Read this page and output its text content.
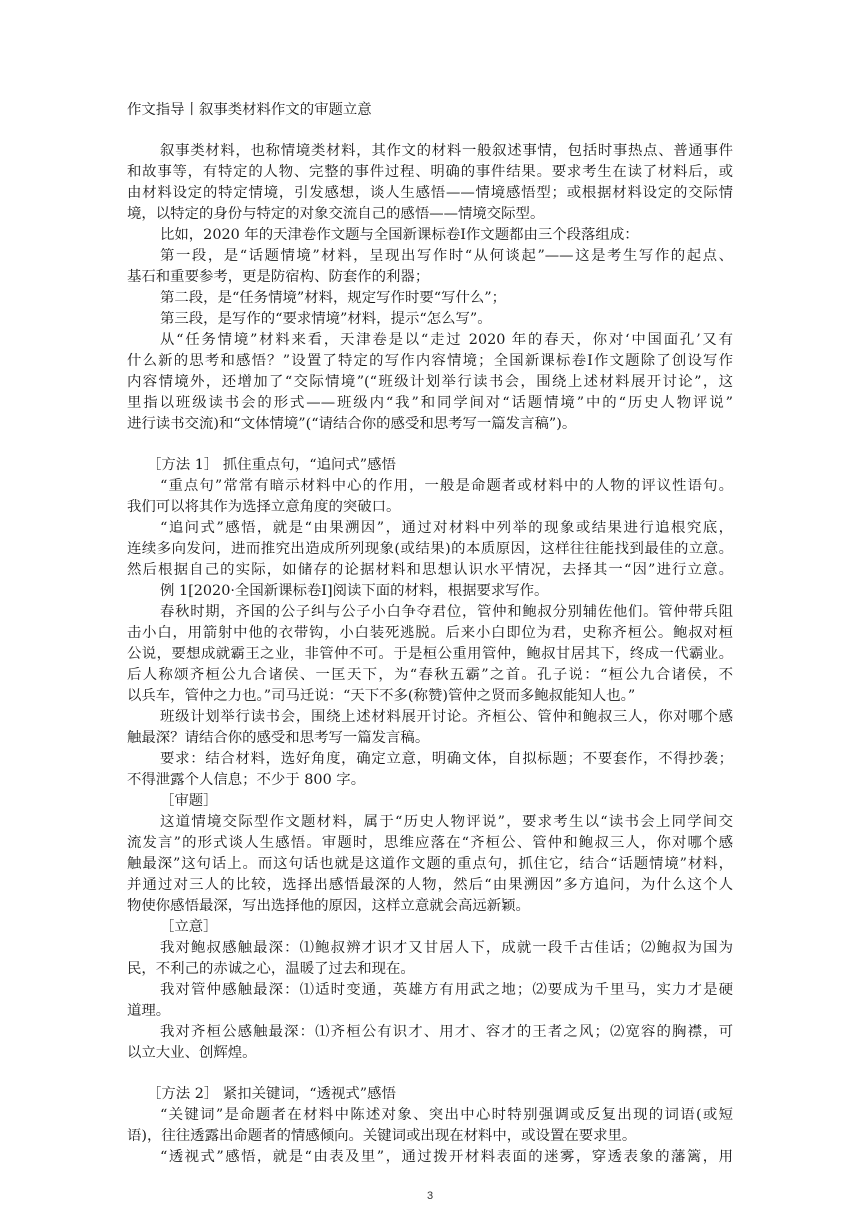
作文指导丨叙事类材料作文的审题立意
叙事类材料，也称情境类材料，其作文的材料一般叙述事情，包括时事热点、普通事件
和故事等，有特定的人物、完整的事件过程、明确的事件结果。要求考生在读了材料后，或
由材料设定的特定情境，引发感想，谈人生感悟——情境感悟型；或根据材料设定的交际情
境，以特定的身份与特定的对象交流自己的感悟——情境交际型。
比如，2020 年的天津卷作文题与全国新课标卷Ⅰ作文题都由三个段落组成：
第一段，是“话题情境”材料，呈现出写作时“从何谈起”——这是考生写作的起点、
基石和重要参考，更是防宿构、防套作的利器；
第二段，是“任务情境”材料，规定写作时要“写什么”；
第三段，是写作的“要求情境”材料，提示“怎么写”。
从“任务情境”材料来看，天津卷是以“走过 2020 年的春天，你对‘中国面孔’又有
什么新的思考和感悟？”设置了特定的写作内容情境；全国新课标卷Ⅰ作文题除了创设写作
内容情境外，还增加了“交际情境”(“班级计划举行读书会，围绕上述材料展开讨论”，这
里指以班级读书会的形式——班级内“我”和同学间对“话题情境”中的“历史人物评说”
进行读书交流)和“文体情境”(“请结合你的感受和思考写一篇发言稿”)。
［方法 1］ 抓住重点句，“追问式”感悟
“重点句”常常有暗示材料中心的作用，一般是命题者或材料中的人物的评议性语句。
我们可以将其作为选择立意角度的突破口。
“追问式”感悟，就是“由果溯因”，通过对材料中列举的现象或结果进行追根究底，
连续多向发问，进而推究出造成所列现象(或结果)的本质原因，这样往往能找到最佳的立意。
然后根据自己的实际，如储存的论据材料和思想认识水平情况，去择其一“因”进行立意。
例 1[2020·全国新课标卷Ⅰ]阅读下面的材料，根据要求写作。
春秋时期，齐国的公子纠与公子小白争夺君位，管仲和鲍叔分别辅佐他们。管仲带兵阻
击小白，用箭射中他的衣带钩，小白装死逃脱。后来小白即位为君，史称齐桓公。鲍叔对桓
公说，要想成就霸王之业，非管仲不可。于是桓公重用管仲，鲍叔甘居其下，终成一代霸业。
后人称颂齐桓公九合诸侯、一匡天下，为“春秋五霸”之首。孔子说：“桓公九合诸侯，不
以兵车，管仲之力也。”司马迁说：“天下不多(称赞)管仲之贤而多鲍叔能知人也。”
班级计划举行读书会，围绕上述材料展开讨论。齐桓公、管仲和鲍叔三人，你对哪个感
触最深？请结合你的感受和思考写一篇发言稿。
要求：结合材料，选好角度，确定立意，明确文体，自拟标题；不要套作，不得抄袭；
不得泄露个人信息；不少于 800 字。
［审题］
这道情境交际型作文题材料，属于“历史人物评说”，要求考生以“读书会上同学间交
流发言”的形式谈人生感悟。审题时，思维应落在“齐桓公、管仲和鲍叔三人，你对哪个感
触最深”这句话上。而这句话也就是这道作文题的重点句，抓住它，结合“话题情境”材料，
并通过对三人的比较，选择出感悟最深的人物，然后“由果溯因”多方追问，为什么这个人
物使你感悟最深，写出选择他的原因，这样立意就会高远新颖。
［立意］
我对鲍叔感触最深：⑴鲍叔辨才识才又甘居人下，成就一段千古佳话；⑵鲍叔为国为
民，不利己的赤诚之心，温暖了过去和现在。
我对管仲感触最深：⑴适时变通，英雄方有用武之地；⑵要成为千里马，实力才是硬
道理。
我对齐桓公感触最深：⑴齐桓公有识才、用才、容才的王者之风；⑵宽容的胸襟，可
以立大业、创辉煌。
［方法 2］ 紧扣关键词，“透视式”感悟
“关键词”是命题者在材料中陈述对象、突出中心时特别强调或反复出现的词语(或短
语)，往往透露出命题者的情感倾向。关键词或出现在材料中，或设置在要求里。
“透视式”感悟，就是“由表及里”，通过拨开材料表面的迷雾，穿透表象的藩篱，用
3
